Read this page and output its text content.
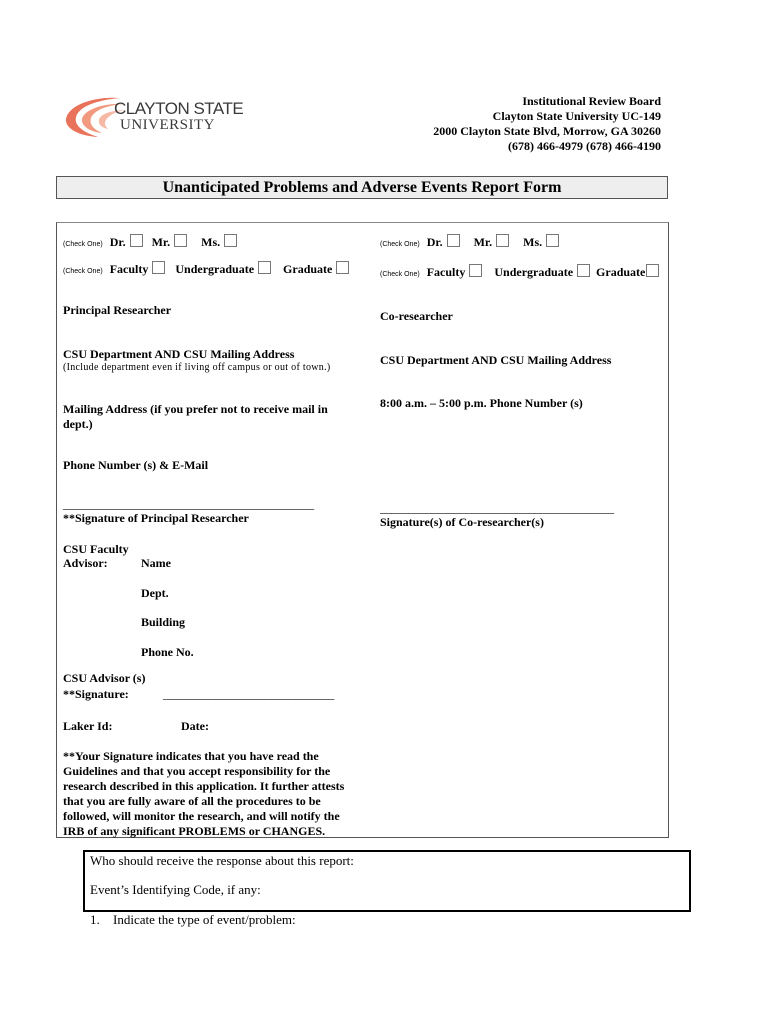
CLAYTON STATE
UNIVERSITY
Institutional Review Board
Clayton State University UC-149
2000 Clayton State Blvd, Morrow, GA 30260
(678) 466-4979 (678) 466-4190
Unanticipated Problems and Adverse Events Report Form
(Check One) Dr. Mr.	Ms.
(Check One) Faculty Undergraduate Graduate
(Check One) Dr.	Mr.	Ms.
(Check One) Faculty Undergraduate Graduate
Principal Researcher
CSU Department AND CSU Mailing Address
(Include department even if living off campus or out of town.)
Mailing Address (if you prefer not to receive mail in
dept.)
Phone Number (s) & E-Mail
____________________________________________
**Signature of Principal Researcher
CSU Faculty
Advisor:	Name
Dept.
Building
Phone No.
CSU Advisor (s)
**Signature:	______________________________
Laker Id:	Date:
**Your Signature indicates that you have read the
Guidelines and that you accept responsibility for the
research described in this application. It further attests
that you are fully aware of all the procedures to be
followed, will monitor the research, and will notify the
IRB of any significant PROBLEMS or CHANGES.
Co-researcher
CSU Department AND CSU Mailing Address
8:00 a.m. – 5:00 p.m. Phone Number (s)
_________________________________________
Signature(s) of Co-researcher(s)
Who should receive the response about this report:
Event’s Identifying Code, if any:
1. Indicate the type of event/problem:
